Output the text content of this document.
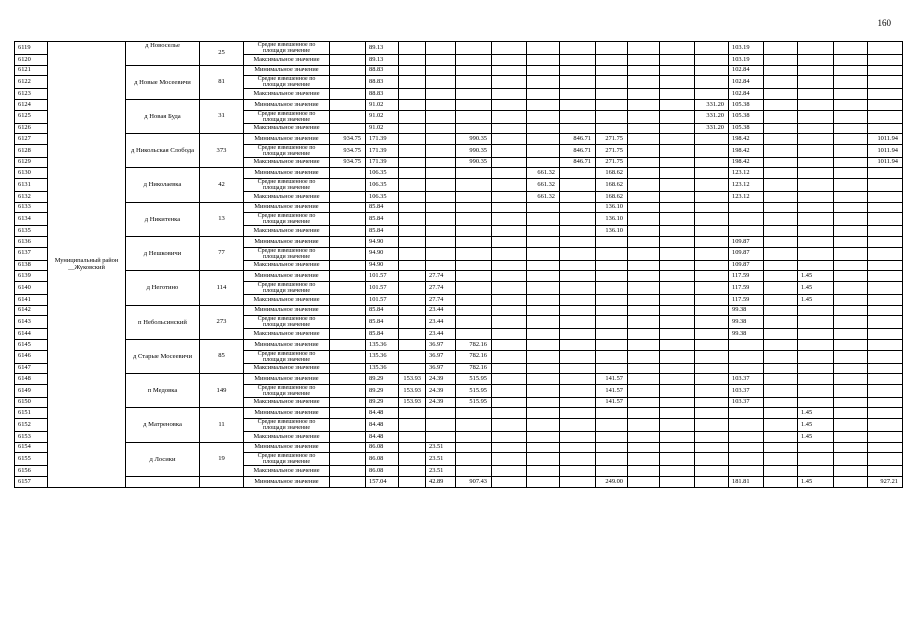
160
6119	Муниципальный район __Жуковский	д Новоселье	25	Средне взвешенное по площади значение		89.13											103.19				
6120				Максимальное значение		89.13											103.19				
6121		д Новые Мосеевичи	81	Минимальное значение		88.83											102.84				
6122				Средне взвешенное по площади значение		88.83											102.84				
6123				Максимальное значение		88.83											102.84				
6124		д Новая Буда	31	Минимальное значение		91.02										331.20	105.38				
6125				Средне взвешенное по площади значение		91.02										331.20	105.38				
6126				Максимальное значение		91.02										331.20	105.38				
6127		д Никольская Слобода	373	Минимальное значение	934.75	171.39			990.35			846.71	271.75				198.42				1011.94
6128				Средне взвешенное по площади значение	934.75	171.39			990.35			846.71	271.75				198.42				1011.94
6129				Максимальное значение	934.75	171.39			990.35			846.71	271.75				198.42				1011.94
6130		д Николаевка	42	Минимальное значение		106.35					661.32		168.62				123.12				
6131				Средне взвешенное по площади значение		106.35					661.32		168.62				123.12				
6132				Максимальное значение		106.35					661.32		168.62				123.12				
6133		д Никитенка	13	Минимальное значение		85.84							136.10								
6134				Средне взвешенное по площади значение		85.84							136.10								
6135				Максимальное значение		85.84							136.10								
6136		д Нешковичи	77	Минимальное значение		94.90											109.87				
6137				Средне взвешенное по площади значение		94.90											109.87				
6138				Максимальное значение		94.90											109.87				
6139		д Неготино	114	Минимальное значение		101.57		27.74									117.59		1.45		
6140				Средне взвешенное по площади значение		101.57		27.74									117.59		1.45		
6141				Максимальное значение		101.57		27.74									117.59		1.45		
6142		п Небольсинский	273	Минимальное значение		85.84		23.44									99.38				
6143				Средне взвешенное по площади значение		85.84		23.44									99.38				
6144				Максимальное значение		85.84		23.44									99.38				
6145		д Старые Мосеевичи	85	Минимальное значение		135.36		36.97	782.16												
6146				Средне взвешенное по площади значение		135.36		36.97	782.16												
6147				Максимальное значение		135.36		36.97	782.16												
6148		п Медовка	149	Минимальное значение		89.29	153.93	24.39	515.95				141.57				103.37				
6149				Средне взвешенное по площади значение		89.29	153.93	24.39	515.95				141.57				103.37				
6150				Максимальное значение		89.29	153.93	24.39	515.95				141.57				103.37				
6151		д Матреновка	11	Минимальное значение		84.48													1.45		
6152				Средне взвешенное по площади значение		84.48													1.45		
6153				Максимальное значение		84.48													1.45		
6154		д Лосики	19	Минимальное значение		86.08		23.51													
6155				Средне взвешенное по площади значение		86.08		23.51													
6156				Максимальное значение		86.08		23.51													
6157				Минимальное значение		157.04		42.89	907.43				249.00				181.81		1.45		927.21
